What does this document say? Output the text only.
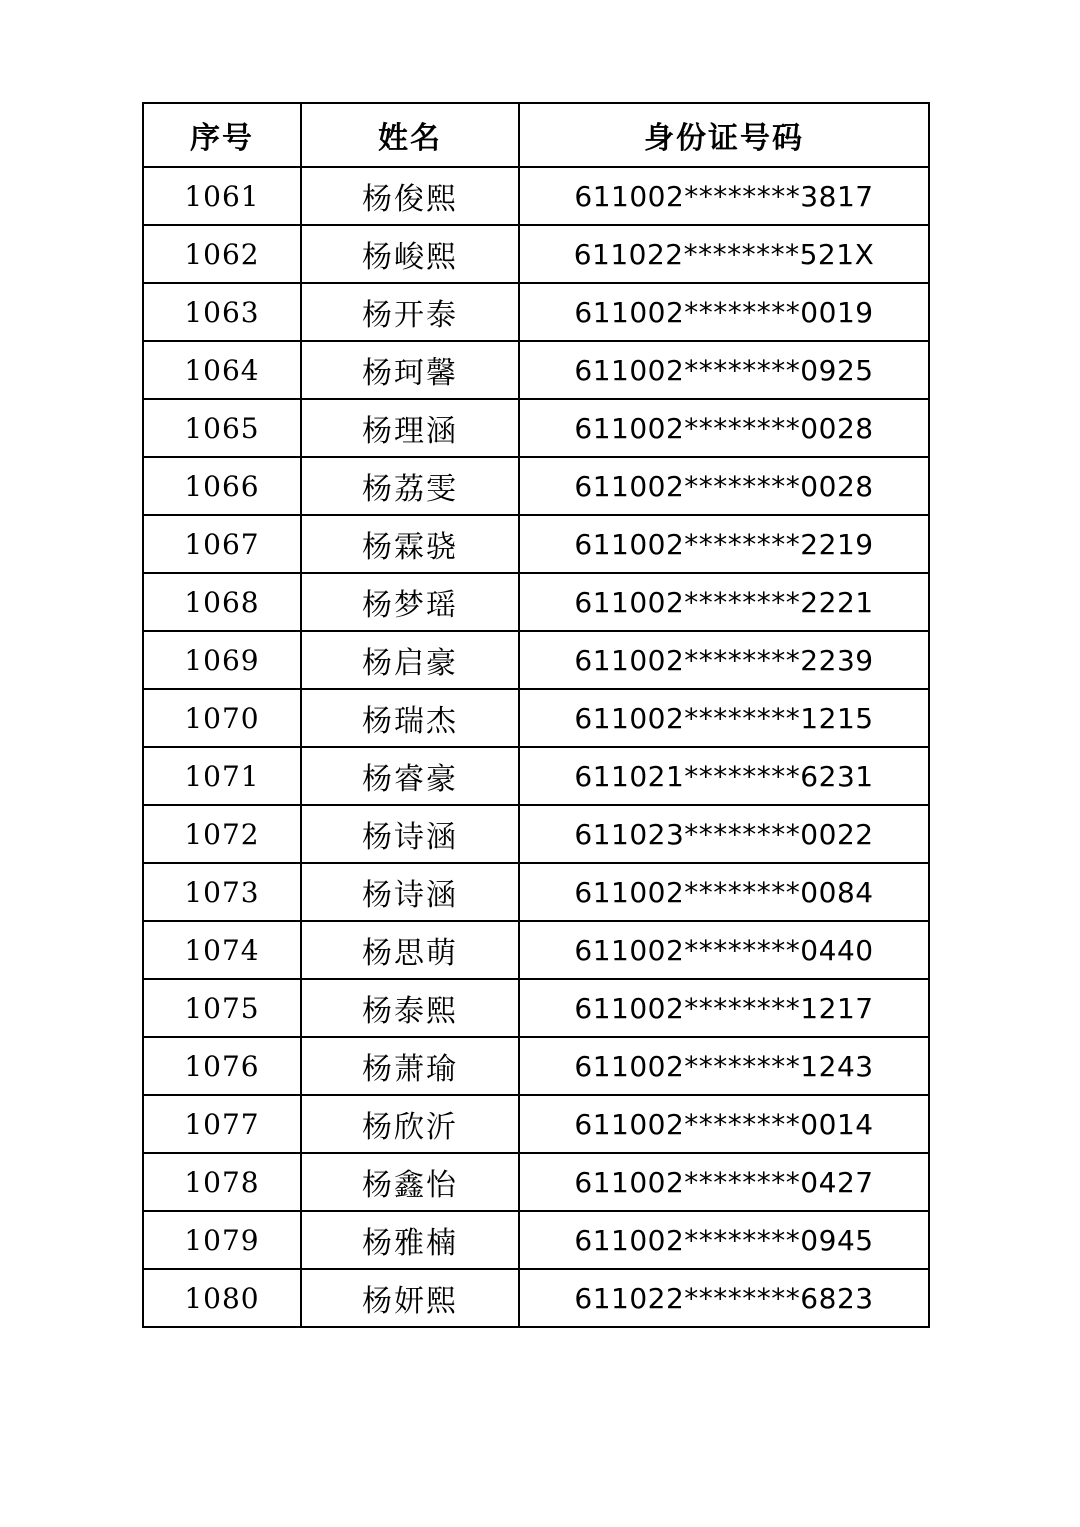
序号	姓名	身份证号码
1061	杨俊熙	611002********3817
1062	杨峻熙	611022********521X
1063	杨开泰	611002********0019
1064	杨珂馨	611002********0925
1065	杨理涵	611002********0028
1066	杨荔雯	611002********0028
1067	杨霖骁	611002********2219
1068	杨梦瑶	611002********2221
1069	杨启豪	611002********2239
1070	杨瑞杰	611002********1215
1071	杨睿豪	611021********6231
1072	杨诗涵	611023********0022
1073	杨诗涵	611002********0084
1074	杨思萌	611002********0440
1075	杨泰熙	611002********1217
1076	杨萧瑜	611002********1243
1077	杨欣沂	611002********0014
1078	杨鑫怡	611002********0427
1079	杨雅楠	611002********0945
1080	杨妍熙	611022********6823
